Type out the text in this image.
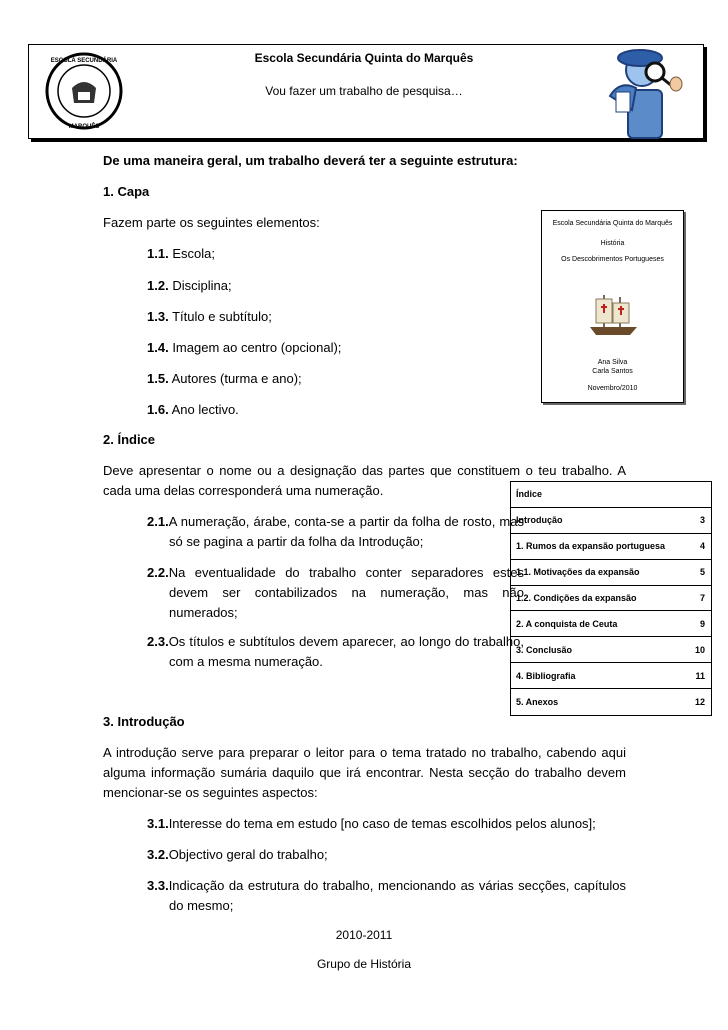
ESCOLA SECUNDÁRIA
MARQUÊS
Escola Secundária Quinta do Marquês
Vou fazer um trabalho de pesquisa…

De uma maneira geral, um trabalho deverá ter a seguinte estrutura:

1. Capa

Fazem parte os seguintes elementos:

1.1. Escola;

1.2. Disciplina;

1.3. Título e subtítulo;

1.4. Imagem ao centro (opcional);

1.5. Autores (turma e ano);

1.6. Ano lectivo.

Escola Secundária Quinta do Marquês
História
Os Descobrimentos Portugueses
Ana Silva
Carla Santos
Novembro/2010

2. Índice

Deve apresentar o nome ou a designação das partes que constituem o teu trabalho. A cada uma delas corresponderá uma numeração.

2.1.A numeração, árabe, conta-se a partir da folha de rosto, mas só se pagina a partir da folha da Introdução;

2.2.Na eventualidade do trabalho conter separadores estes devem ser contabilizados na numeração, mas não numerados;

2.3.Os títulos e subtítulos devem aparecer, ao longo do trabalho, com a mesma numeração.

Índice
Introdução	3
1. Rumos da expansão portuguesa	4
1.1. Motivações da expansão	5
1.2. Condições da expansão	7
2. A conquista de Ceuta	9
3. Conclusão	10
4. Bibliografia	11
5. Anexos	12

3. Introdução

A introdução serve para preparar o leitor para o tema tratado no trabalho, cabendo aqui alguma informação sumária daquilo que irá encontrar. Nesta secção do trabalho devem mencionar-se os seguintes aspectos:

3.1.Interesse do tema em estudo [no caso de temas escolhidos pelos alunos];

3.2.Objectivo geral do trabalho;

3.3.Indicação da estrutura do trabalho, mencionando as várias secções, capítulos do mesmo;

2010-2011
Grupo de História
